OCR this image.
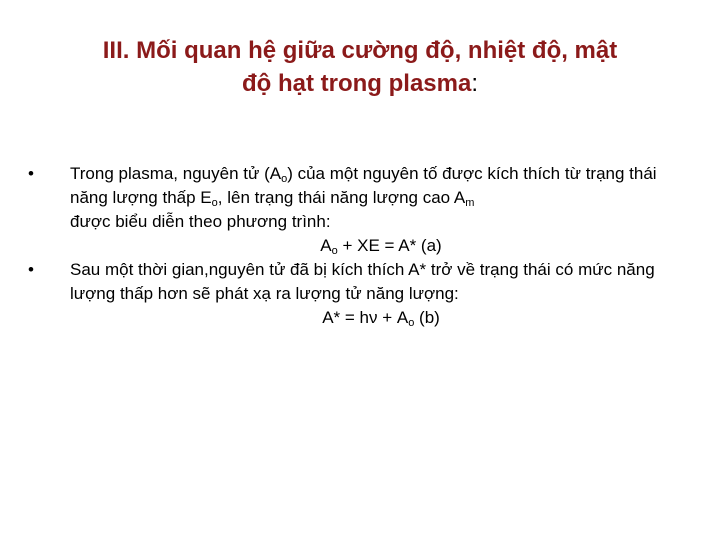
III. Mối quan hệ giữa cường độ, nhiệt độ, mật
độ hạt trong plasma:
•	Trong plasma, nguyên tử $(A_o)$ của một nguyên tố được kích thích từ trạng thái năng lượng thấp $E_o$, lên trạng thái năng lượng cao $A_m$
được biểu diễn theo phương trình:
$A_o$ + XE = A* (a)
•	Sau một thời gian,nguyên tử đã bị kích thích A* trở về trạng thái có mức năng lượng thấp hơn sẽ phát xạ ra lượng tử năng lượng:
$A* = h\nu + A_o$ (b)
